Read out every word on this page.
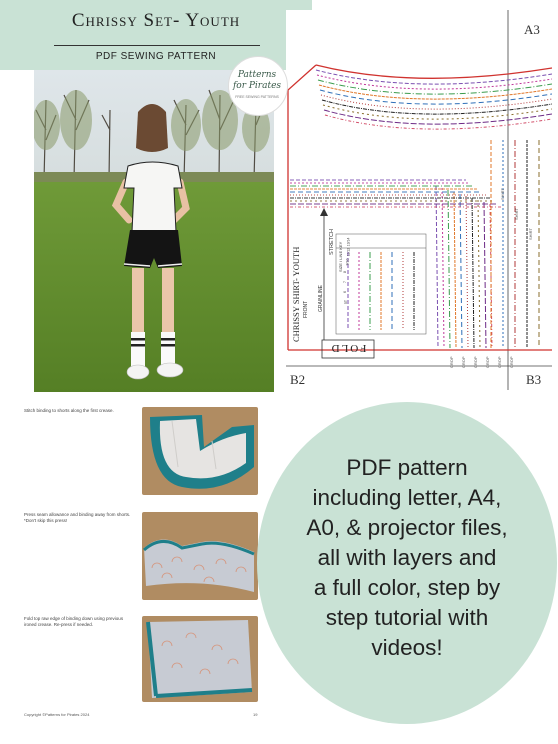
Chrissy Set- Youth
PDF SEWING PATTERN
CHRISSY SHIRT- YOUTH FRONT
STRETCH SIZE / LINE KEY
5T
6
7
8
9/10
11/12
13/14
GRAINLINE
FOLD
CROP CROP CROP CROP CROP CROP
SHIRT
SHIRT
SHIRT
Patterns
for Pirates
FREE SEWING PATTERNS
A3
B2	B3
Stitch binding to shorts along the first crease.
Press seam allowance and binding away from shorts.
*Don't skip this press!
Fold top raw edge of binding down using previous ironed crease. Re-press if needed.
Copyright ©Patterns for Pirates 2024	19
PDF pattern
including letter, A4,
A0, & projector files,
all with layers and
a full color, step by
step tutorial with
videos!
